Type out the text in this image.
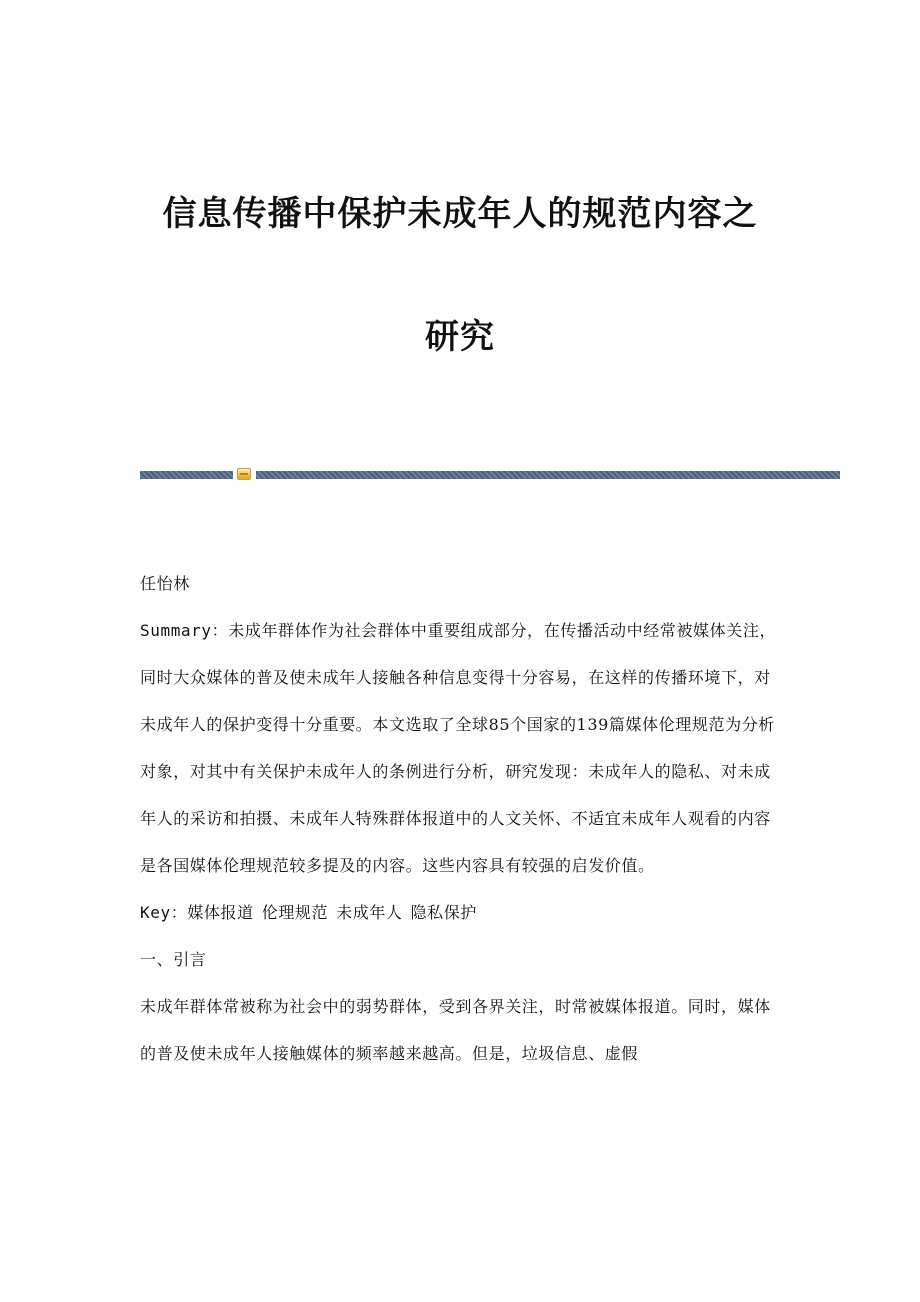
信息传播中保护未成年人的规范内容之
研究

任怡林

Summary：未成年群体作为社会群体中重要组成部分，在传播活动中经常被媒体关注，同时大众媒体的普及使未成年人接触各种信息变得十分容易，在这样的传播环境下，对未成年人的保护变得十分重要。本文选取了全球85个国家的139篇媒体伦理规范为分析对象，对其中有关保护未成年人的条例进行分析，研究发现：未成年人的隐私、对未成年人的采访和拍摄、未成年人特殊群体报道中的人文关怀、不适宜未成年人观看的内容是各国媒体伦理规范较多提及的内容。这些内容具有较强的启发价值。

Key：媒体报道 伦理规范 未成年人 隐私保护

一、引言

未成年群体常被称为社会中的弱势群体，受到各界关注，时常被媒体报道。同时，媒体的普及使未成年人接触媒体的频率越来越高。但是，垃圾信息、虚假
